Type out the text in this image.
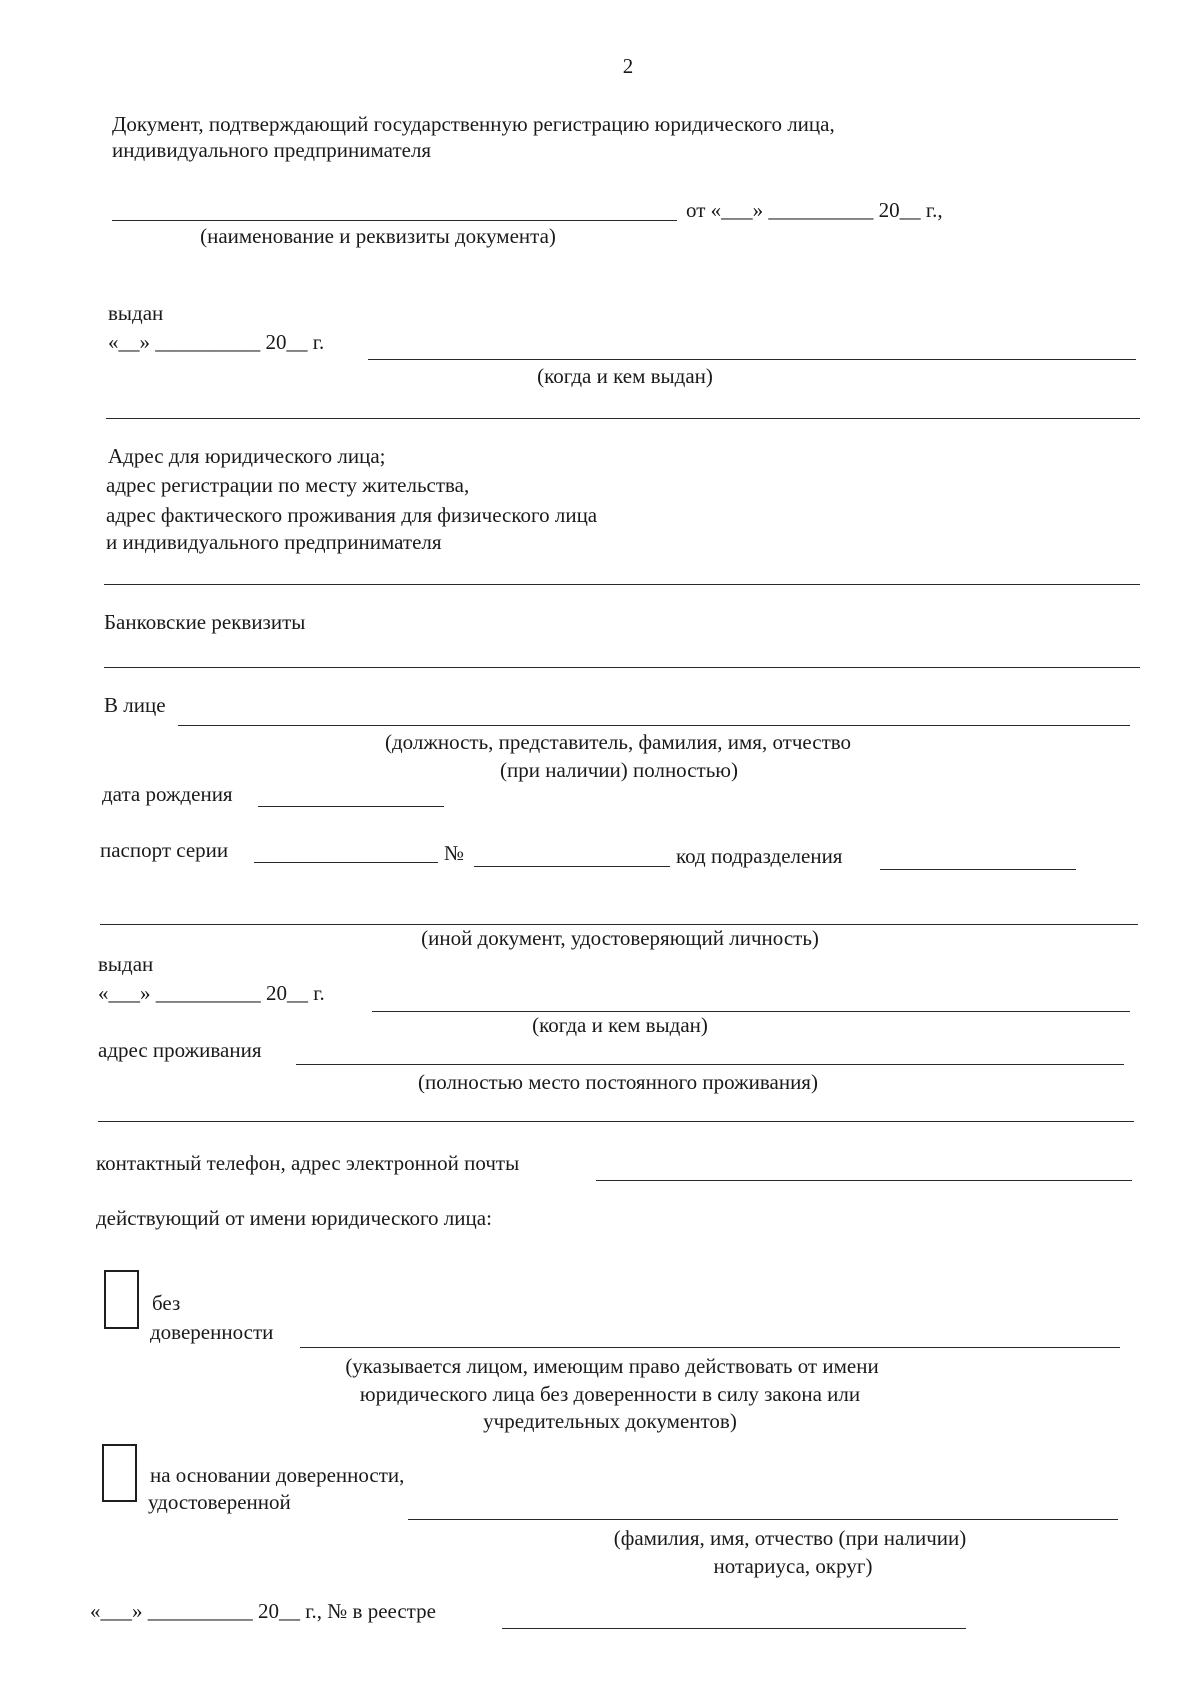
2
Документ, подтверждающий государственную регистрацию юридического лица,
индивидуального предпринимателя
от «___» __________ 20__ г.,
(наименование и реквизиты документа)
выдан
«__» __________ 20__ г.
(когда и кем выдан)
Адрес для юридического лица;
адрес регистрации по месту жительства,
адрес фактического проживания для физического лица
и индивидуального предпринимателя
Банковские реквизиты
В лице
(должность, представитель, фамилия, имя, отчество
(при наличии) полностью)
дата рождения
паспорт серии	№	код подразделения
(иной документ, удостоверяющий личность)
выдан
«___» __________ 20__ г.
(когда и кем выдан)
адрес проживания
(полностью место постоянного проживания)
контактный телефон, адрес электронной почты
действующий от имени юридического лица:
без
доверенности
(указывается лицом, имеющим право действовать от имени
юридического лица без доверенности в силу закона или
учредительных документов)
на основании доверенности,
удостоверенной
(фамилия, имя, отчество (при наличии)
нотариуса, округ)
«___» __________ 20__ г., № в реестре
